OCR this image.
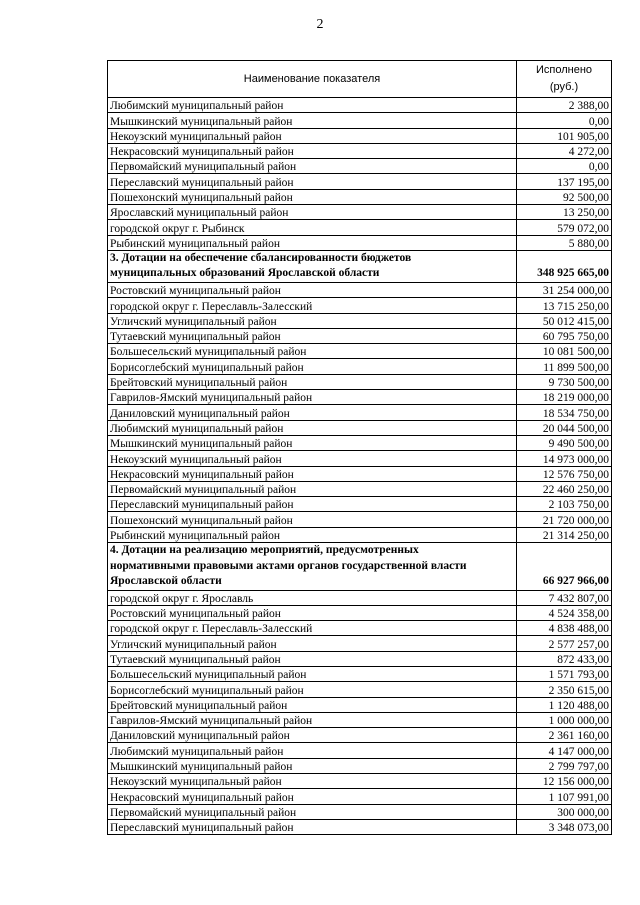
2
Наименование показателя	Исполнено
(руб.)

Любимский муниципальный район	2 388,00
Мышкинский муниципальный район	0,00
Некоузский муниципальный район	101 905,00
Некрасовский муниципальный район	4 272,00
Первомайский муниципальный район	0,00
Переславский муниципальный район	137 195,00
Пошехонский муниципальный район	92 500,00
Ярославский муниципальный район	13 250,00
городской округ г. Рыбинск	579 072,00
Рыбинский муниципальный район	5 880,00

3. Дотации на обеспечение сбалансированности бюджетов
муниципальных образований Ярославской области	348 925 665,00
Ростовский муниципальный район	31 254 000,00
городской округ г. Переславль-Залесский	13 715 250,00
Угличский муниципальный район	50 012 415,00
Тутаевский муниципальный район	60 795 750,00
Большесельский муниципальный район	10 081 500,00
Борисоглебский муниципальный район	11 899 500,00
Брейтовский муниципальный район	9 730 500,00
Гаврилов-Ямский муниципальный район	18 219 000,00
Даниловский муниципальный район	18 534 750,00
Любимский муниципальный район	20 044 500,00
Мышкинский муниципальный район	9 490 500,00
Некоузский муниципальный район	14 973 000,00
Некрасовский муниципальный район	12 576 750,00
Первомайский муниципальный район	22 460 250,00
Переславский муниципальный район	2 103 750,00
Пошехонский муниципальный район	21 720 000,00
Рыбинский муниципальный район	21 314 250,00

4. Дотации на реализацию мероприятий, предусмотренных
нормативными правовыми актами органов государственной власти
Ярославской области	66 927 966,00
городской округ г. Ярославль	7 432 807,00
Ростовский муниципальный район	4 524 358,00
городской округ г. Переславль-Залесский	4 838 488,00
Угличский муниципальный район	2 577 257,00
Тутаевский муниципальный район	872 433,00
Большесельский муниципальный район	1 571 793,00
Борисоглебский муниципальный район	2 350 615,00
Брейтовский муниципальный район	1 120 488,00
Гаврилов-Ямский муниципальный район	1 000 000,00
Даниловский муниципальный район	2 361 160,00
Любимский муниципальный район	4 147 000,00
Мышкинский муниципальный район	2 799 797,00
Некоузский муниципальный район	12 156 000,00
Некрасовский муниципальный район	1 107 991,00
Первомайский муниципальный район	300 000,00
Переславский муниципальный район	3 348 073,00
